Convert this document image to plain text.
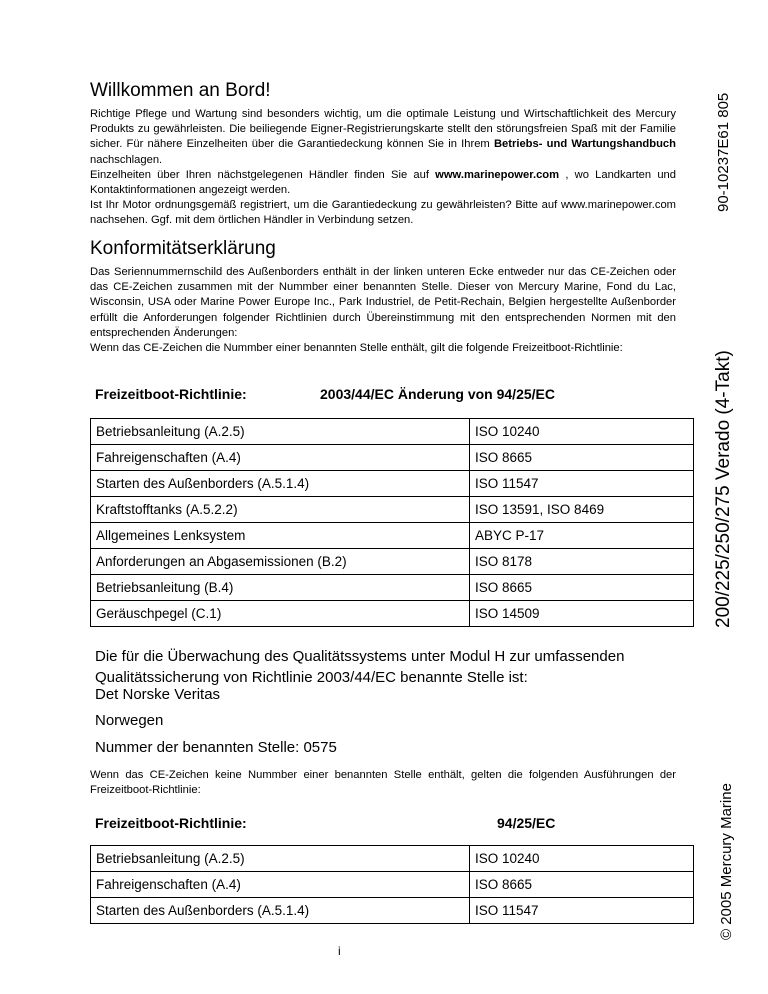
Willkommen an Bord!

Richtige Pflege und Wartung sind besonders wichtig, um die optimale Leistung und Wirtschaftlichkeit des Mercury Produkts zu gewährleisten. Die beiliegende Eigner-Registrierungskarte stellt den störungsfreien Spaß mit der Familie sicher. Für nähere Einzelheiten über die Garantiedeckung können Sie in Ihrem Betriebs- und Wartungshandbuch nachschlagen.

Einzelheiten über Ihren nächstgelegenen Händler finden Sie auf www.marinepower.com , wo Landkarten und Kontaktinformationen angezeigt werden.

Ist Ihr Motor ordnungsgemäß registriert, um die Garantiedeckung zu gewährleisten? Bitte auf www.marinepower.com nachsehen. Ggf. mit dem örtlichen Händler in Verbindung setzen.

Konformitätserklärung

Das Seriennummernschild des Außenborders enthält in der linken unteren Ecke entweder nur das CE-Zeichen oder das CE-Zeichen zusammen mit der Nummber einer benannten Stelle. Dieser von Mercury Marine, Fond du Lac, Wisconsin, USA oder Marine Power Europe Inc., Park Industriel, de Petit-Rechain, Belgien hergestellte Außenborder erfüllt die Anforderungen folgender Richtlinien durch Übereinstimmung mit den entsprechenden Normen mit den entsprechenden Änderungen:

Wenn das CE-Zeichen die Nummber einer benannten Stelle enthält, gilt die folgende Freizeitboot-Richtlinie:

Freizeitboot-Richtlinie:	2003/44/EC Änderung von 94/25/EC
Betriebsanleitung (A.2.5)	ISO 10240
Fahreigenschaften (A.4)	ISO 8665
Starten des Außenborders (A.5.1.4)	ISO 11547
Kraftstofftanks (A.5.2.2)	ISO 13591, ISO 8469
Allgemeines Lenksystem	ABYC P-17
Anforderungen an Abgasemissionen (B.2)	ISO 8178
Betriebsanleitung (B.4)	ISO 8665
Geräuschpegel (C.1)	ISO 14509
Die für die Überwachung des Qualitätssystems unter Modul H zur umfassenden Qualitätssicherung von Richtlinie 2003/44/EC benannte Stelle ist:
Det Norske Veritas
Norwegen
Nummer der benannten Stelle: 0575

Wenn das CE-Zeichen keine Nummber einer benannten Stelle enthält, gelten die folgenden Ausführungen der Freizeitboot-Richtlinie:

Freizeitboot-Richtlinie:	94/25/EC
Betriebsanleitung (A.2.5)	ISO 10240
Fahreigenschaften (A.4)	ISO 8665
Starten des Außenborders (A.5.1.4)	ISO 11547
i
90-10237E61 805
200/225/250/275 Verado (4-Takt)
© 2005 Mercury Marine
